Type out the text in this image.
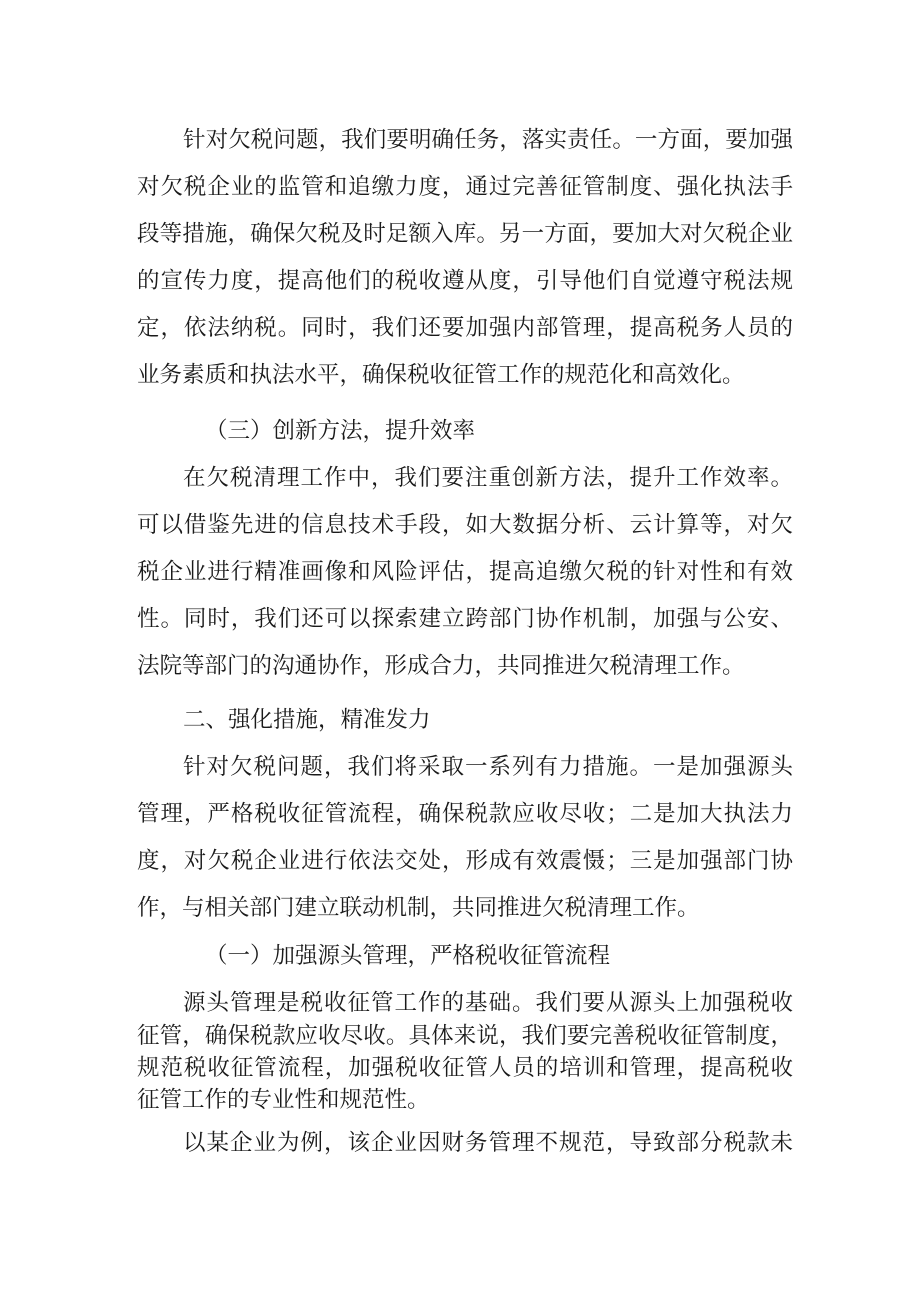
针对欠税问题，我们要明确任务，落实责任。一方面，要加强

对欠税企业的监管和追缴力度，通过完善征管制度、强化执法手

段等措施，确保欠税及时足额入库。另一方面，要加大对欠税企业

的宣传力度，提高他们的税收遵从度，引导他们自觉遵守税法规

定，依法纳税。同时，我们还要加强内部管理，提高税务人员的

业务素质和执法水平，确保税收征管工作的规范化和高效化。

（三）创新方法，提升效率

在欠税清理工作中，我们要注重创新方法，提升工作效率。

可以借鉴先进的信息技术手段，如大数据分析、云计算等，对欠

税企业进行精准画像和风险评估，提高追缴欠税的针对性和有效

性。同时，我们还可以探索建立跨部门协作机制，加强与公安、

法院等部门的沟通协作，形成合力，共同推进欠税清理工作。

二、强化措施，精准发力

针对欠税问题，我们将采取一系列有力措施。一是加强源头

管理，严格税收征管流程，确保税款应收尽收；二是加大执法力

度，对欠税企业进行依法交处，形成有效震慑；三是加强部门协

作，与相关部门建立联动机制，共同推进欠税清理工作。

（一）加强源头管理，严格税收征管流程

源头管理是税收征管工作的基础。我们要从源头上加强税收

征管，确保税款应收尽收。具体来说，我们要完善税收征管制度，

规范税收征管流程，加强税收征管人员的培训和管理，提高税收

征管工作的专业性和规范性。

以某企业为例，该企业因财务管理不规范，导致部分税款未
